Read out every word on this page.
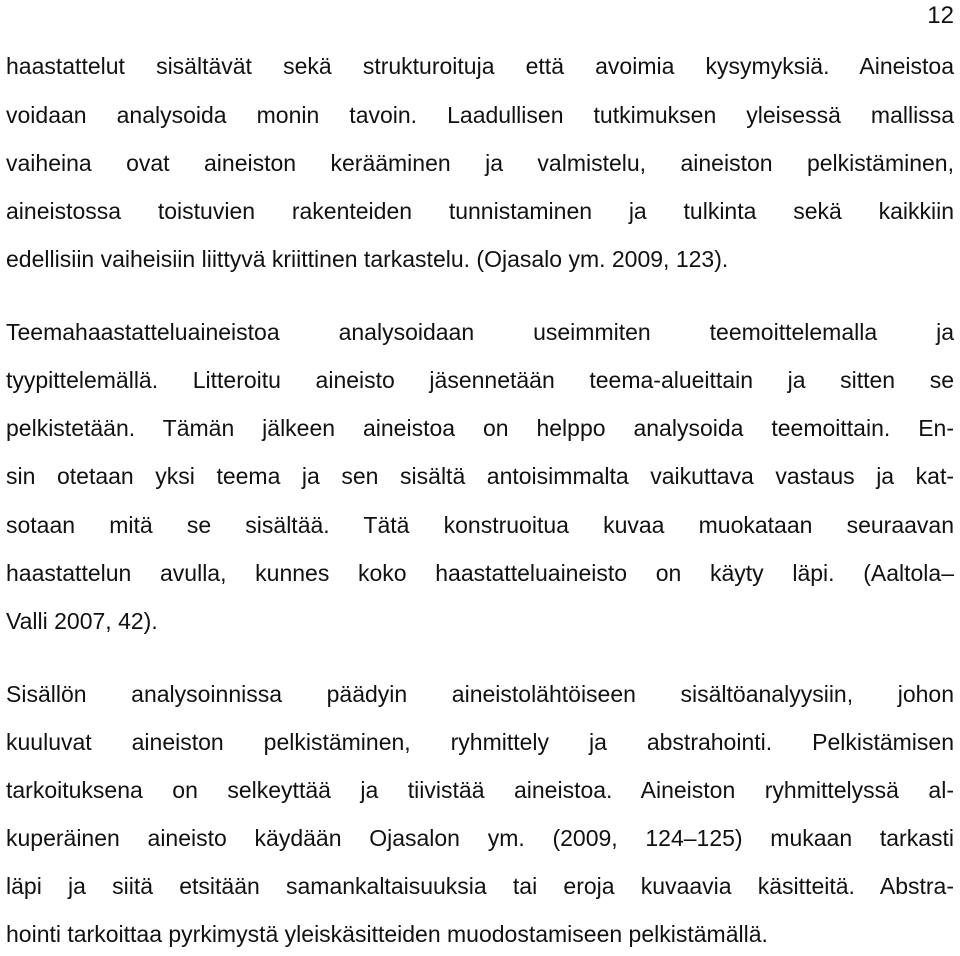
12
haastattelut sisältävät sekä strukturoituja että avoimia kysymyksiä. Aineistoa
voidaan analysoida monin tavoin. Laadullisen tutkimuksen yleisessä mallissa
vaiheina ovat aineiston kerääminen ja valmistelu, aineiston pelkistäminen,
aineistossa toistuvien rakenteiden tunnistaminen ja tulkinta sekä kaikkiin
edellisiin vaiheisiin liittyvä kriittinen tarkastelu. (Ojasalo ym. 2009, 123).
Teemahaastatteluaineistoa analysoidaan useimmiten teemoittelemalla ja
tyypittelemällä. Litteroitu aineisto jäsennetään teema-alueittain ja sitten se
pelkistetään. Tämän jälkeen aineistoa on helppo analysoida teemoittain. En-
sin otetaan yksi teema ja sen sisältä antoisimmalta vaikuttava vastaus ja kat-
sotaan mitä se sisältää. Tätä konstruoitua kuvaa muokataan seuraavan
haastattelun avulla, kunnes koko haastatteluaineisto on käyty läpi. (Aaltola–
Valli 2007, 42).
Sisällön analysoinnissa päädyin aineistolähtöiseen sisältöanalyysiin, johon
kuuluvat aineiston pelkistäminen, ryhmittely ja abstrahointi. Pelkistämisen
tarkoituksena on selkeyttää ja tiivistää aineistoa. Aineiston ryhmittelyssä al-
kuperäinen aineisto käydään Ojasalon ym. (2009, 124–125) mukaan tarkasti
läpi ja siitä etsitään samankaltaisuuksia tai eroja kuvaavia käsitteitä. Abstra-
hointi tarkoittaa pyrkimystä yleiskäsitteiden muodostamiseen pelkistämällä.
